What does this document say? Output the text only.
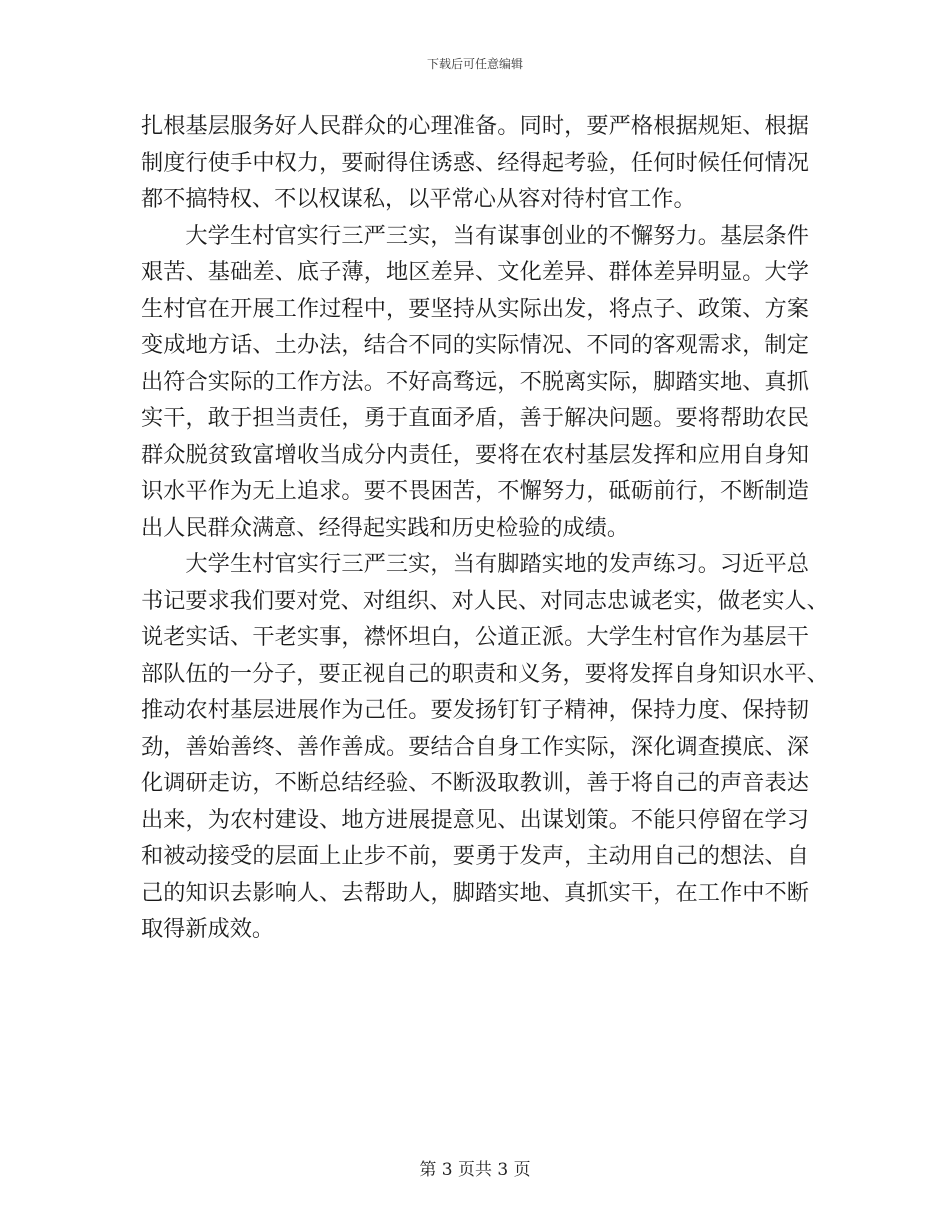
下载后可任意编辑

扎根基层服务好人民群众的心理准备。同时，要严格根据规矩、根据
制度行使手中权力，要耐得住诱惑、经得起考验，任何时候任何情况
都不搞特权、不以权谋私，以平常心从容对待村官工作。

大学生村官实行三严三实，当有谋事创业的不懈努力。基层条件
艰苦、基础差、底子薄，地区差异、文化差异、群体差异明显。大学
生村官在开展工作过程中，要坚持从实际出发，将点子、政策、方案
变成地方话、土办法，结合不同的实际情况、不同的客观需求，制定
出符合实际的工作方法。不好高骛远，不脱离实际，脚踏实地、真抓
实干，敢于担当责任，勇于直面矛盾，善于解决问题。要将帮助农民
群众脱贫致富增收当成分内责任，要将在农村基层发挥和应用自身知
识水平作为无上追求。要不畏困苦，不懈努力，砥砺前行，不断制造
出人民群众满意、经得起实践和历史检验的成绩。

大学生村官实行三严三实，当有脚踏实地的发声练习。习近平总
书记要求我们要对党、对组织、对人民、对同志忠诚老实，做老实人、
说老实话、干老实事，襟怀坦白，公道正派。大学生村官作为基层干
部队伍的一分子，要正视自己的职责和义务，要将发挥自身知识水平、
推动农村基层进展作为己任。要发扬钉钉子精神，保持力度、保持韧
劲，善始善终、善作善成。要结合自身工作实际，深化调查摸底、深
化调研走访，不断总结经验、不断汲取教训，善于将自己的声音表达
出来，为农村建设、地方进展提意见、出谋划策。不能只停留在学习
和被动接受的层面上止步不前，要勇于发声，主动用自己的想法、自
己的知识去影响人、去帮助人，脚踏实地、真抓实干，在工作中不断
取得新成效。

第 3 页共 3 页
